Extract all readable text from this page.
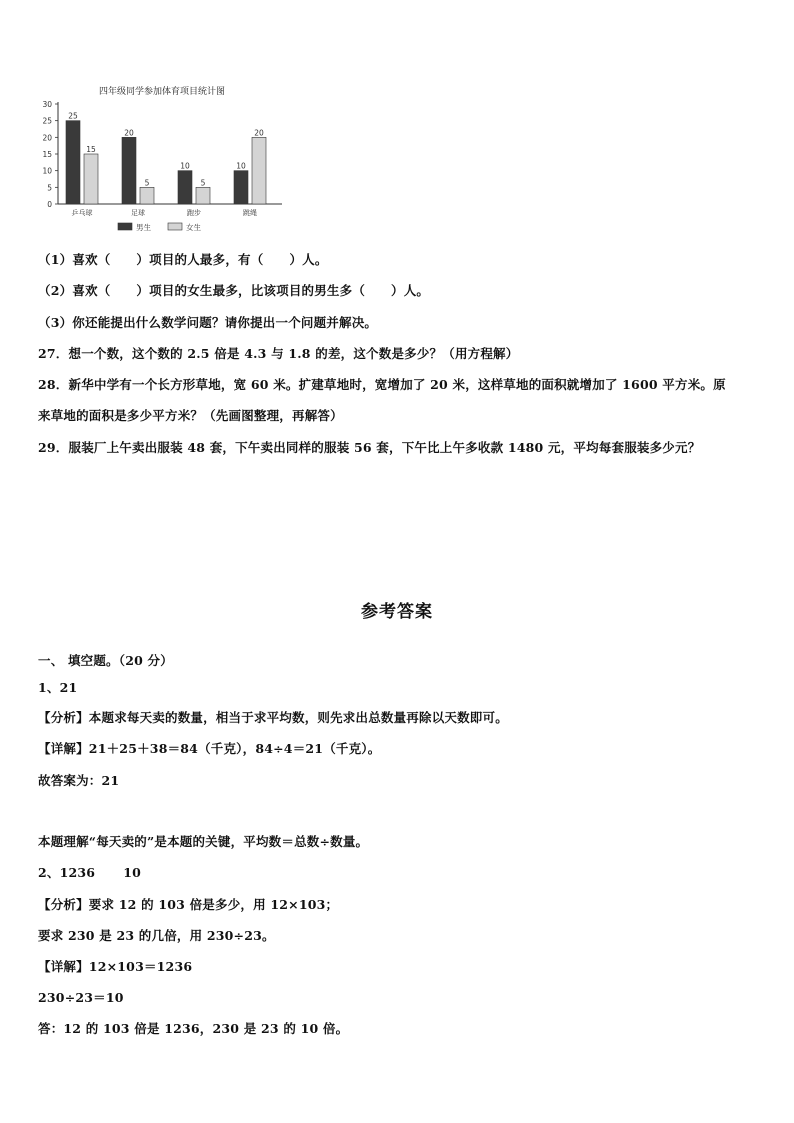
四年级同学参加体育项目统计图
0
5
10
15
20
25
30
25
15
乒乓球
20
5
足球
10
5
跑步
10
20
跳绳
男生	女生
（1）喜欢（ ）项目的人最多，有（ ）人。
（2）喜欢（ ）项目的女生最多，比该项目的男生多（ ）人。
（3）你还能提出什么数学问题？请你提出一个问题并解决。
27．想一个数，这个数的 2.5 倍是 4.3 与 1.8 的差，这个数是多少？（用方程解）
28．新华中学有一个长方形草地，宽 60 米。扩建草地时，宽增加了 20 米，这样草地的面积就增加了 1600 平方米。原
来草地的面积是多少平方米？（先画图整理，再解答）
29．服装厂上午卖出服装 48 套，下午卖出同样的服装 56 套，下午比上午多收款 1480 元，平均每套服装多少元？
参考答案
一、 填空题。（20 分）
1、21
【分析】本题求每天卖的数量，相当于求平均数，则先求出总数量再除以天数即可。
【详解】21＋25＋38＝84（千克），84÷4＝21（千克）。
故答案为：21
本题理解“每天卖的”是本题的关键，平均数＝总数÷数量。
2、1236 10
【分析】要求 12 的 103 倍是多少，用 12×103；
要求 230 是 23 的几倍，用 230÷23。
【详解】12×103＝1236
230÷23＝10
答：12 的 103 倍是 1236，230 是 23 的 10 倍。
